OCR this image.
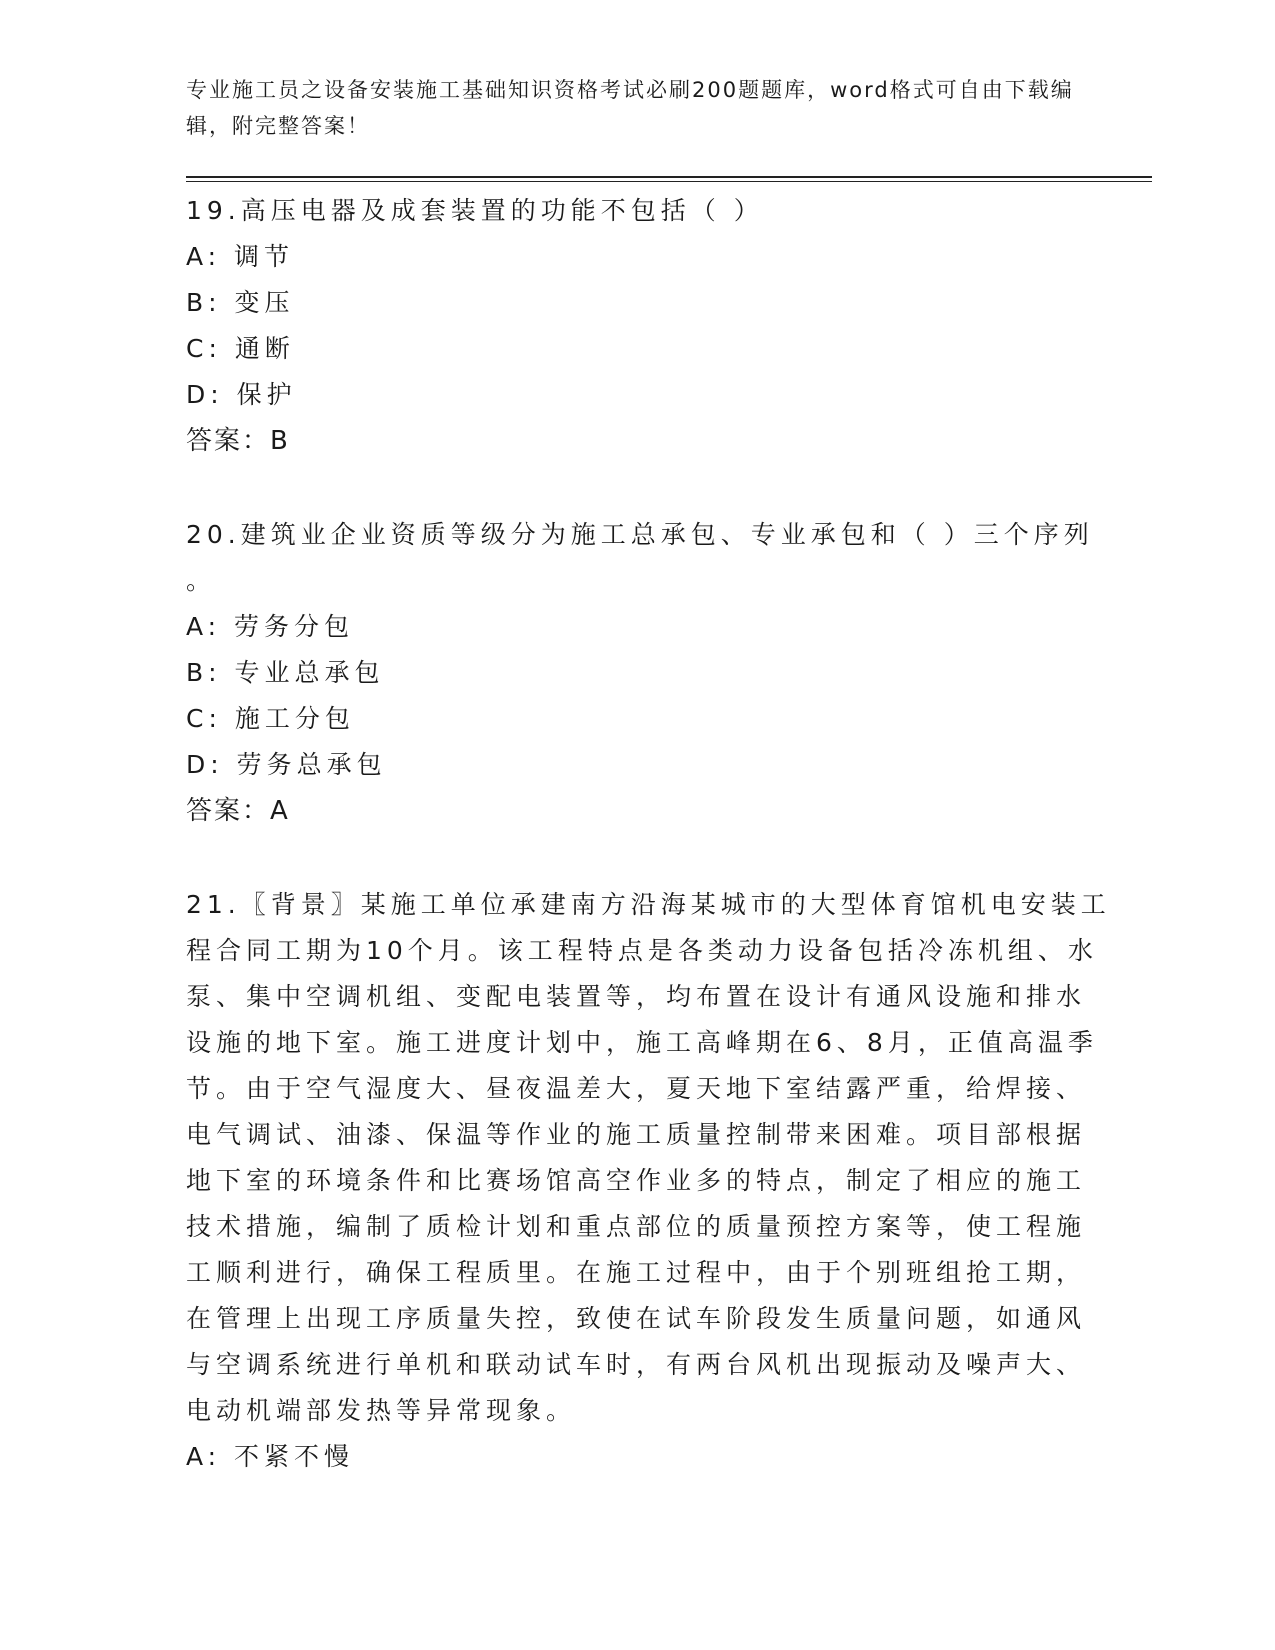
专业施工员之设备安装施工基础知识资格考试必刷200题题库，word格式可自由下载编辑，附完整答案！
19.高压电器及成套装置的功能不包括（ ）
A: 调节
B: 变压
C: 通断
D: 保护
答案：B
20.建筑业企业资质等级分为施工总承包、专业承包和（ ）三个序列
。
A: 劳务分包
B: 专业总承包
C: 施工分包
D: 劳务总承包
答案：A
21.〖背景〗某施工单位承建南方沿海某城市的大型体育馆机电安装工
程合同工期为10个月。该工程特点是各类动力设备包括冷冻机组、水
泵、集中空调机组、变配电装置等，均布置在设计有通风设施和排水
设施的地下室。施工进度计划中，施工高峰期在6、8月，正值高温季
节。由于空气湿度大、昼夜温差大，夏天地下室结露严重，给焊接、
电气调试、油漆、保温等作业的施工质量控制带来困难。项目部根据
地下室的环境条件和比赛场馆高空作业多的特点，制定了相应的施工
技术措施，编制了质检计划和重点部位的质量预控方案等，使工程施
工顺利进行，确保工程质里。在施工过程中，由于个别班组抢工期，
在管理上出现工序质量失控，致使在试车阶段发生质量问题，如通风
与空调系统进行单机和联动试车时，有两台风机出现振动及噪声大、
电动机端部发热等异常现象。
A: 不紧不慢
